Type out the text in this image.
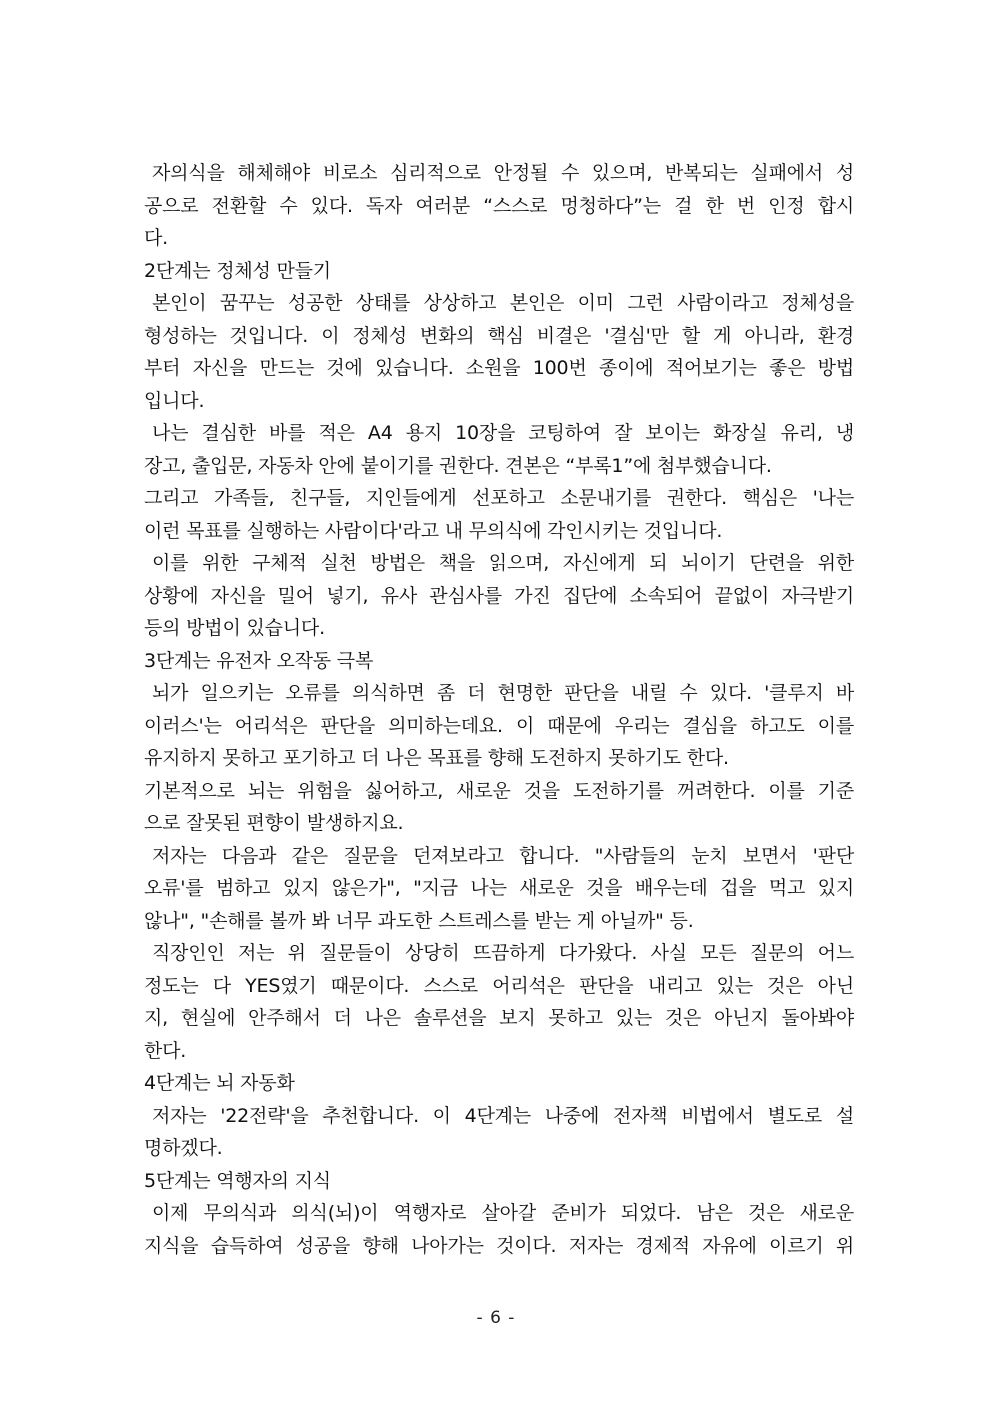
자의식을 해체해야 비로소 심리적으로 안정될 수 있으며, 반복되는 실패에서 성
공으로 전환할 수 있다. 독자 여러분 “스스로 멍청하다”는 걸 한 번 인정 합시
다.
2단계는 정체성 만들기
본인이 꿈꾸는 성공한 상태를 상상하고 본인은 이미 그런 사람이라고 정체성을
형성하는 것입니다. 이 정체성 변화의 핵심 비결은 '결심'만 할 게 아니라, 환경
부터 자신을 만드는 것에 있습니다. 소원을 100번 종이에 적어보기는 좋은 방법
입니다.
나는 결심한 바를 적은 A4 용지 10장을 코팅하여 잘 보이는 화장실 유리, 냉
장고, 출입문, 자동차 안에 붙이기를 권한다. 견본은 “부록1”에 첨부했습니다.
그리고 가족들, 친구들, 지인들에게 선포하고 소문내기를 권한다. 핵심은 '나는
이런 목표를 실행하는 사람이다'라고 내 무의식에 각인시키는 것입니다.
이를 위한 구체적 실천 방법은 책을 읽으며, 자신에게 되 뇌이기 단련을 위한
상황에 자신을 밀어 넣기, 유사 관심사를 가진 집단에 소속되어 끝없이 자극받기
등의 방법이 있습니다.
3단계는 유전자 오작동 극복
뇌가 일으키는 오류를 의식하면 좀 더 현명한 판단을 내릴 수 있다. '클루지 바
이러스'는 어리석은 판단을 의미하는데요. 이 때문에 우리는 결심을 하고도 이를
유지하지 못하고 포기하고 더 나은 목표를 향해 도전하지 못하기도 한다.
기본적으로 뇌는 위험을 싫어하고, 새로운 것을 도전하기를 꺼려한다. 이를 기준
으로 잘못된 편향이 발생하지요.
저자는 다음과 같은 질문을 던져보라고 합니다. "사람들의 눈치 보면서 '판단
오류'를 범하고 있지 않은가", "지금 나는 새로운 것을 배우는데 겁을 먹고 있지
않나", "손해를 볼까 봐 너무 과도한 스트레스를 받는 게 아닐까" 등.
직장인인 저는 위 질문들이 상당히 뜨끔하게 다가왔다. 사실 모든 질문의 어느
정도는 다 YES였기 때문이다. 스스로 어리석은 판단을 내리고 있는 것은 아닌
지, 현실에 안주해서 더 나은 솔루션을 보지 못하고 있는 것은 아닌지 돌아봐야
한다.
4단계는 뇌 자동화
저자는 '22전략'을 추천합니다. 이 4단계는 나중에 전자책 비법에서 별도로 설
명하겠다.
5단계는 역행자의 지식
이제 무의식과 의식(뇌)이 역행자로 살아갈 준비가 되었다. 남은 것은 새로운
지식을 습득하여 성공을 향해 나아가는 것이다. 저자는 경제적 자유에 이르기 위
- 6 -
